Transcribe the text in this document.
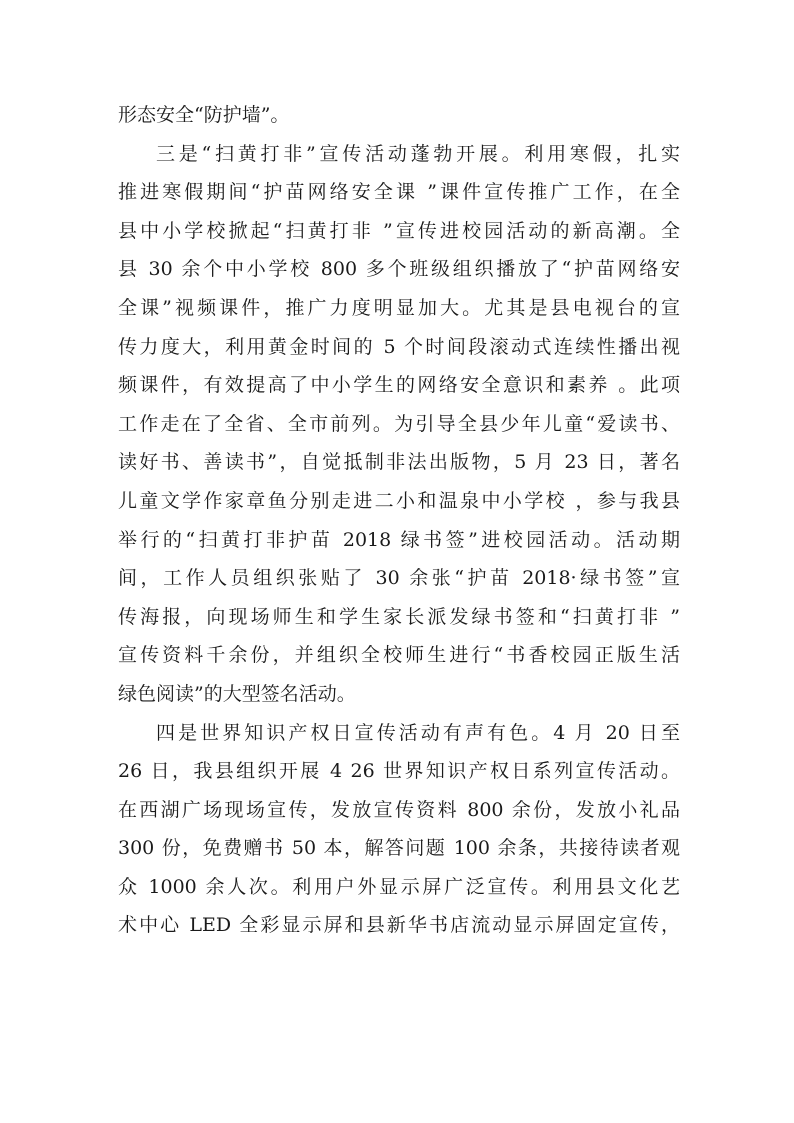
形态安全“防护墙”。
三是“扫黄打非”宣传活动蓬勃开展。利用寒假，扎实
推进寒假期间“护苗网络安全课 ”课件宣传推广工作，在全
县中小学校掀起“扫黄打非 ”宣传进校园活动的新高潮。全
县 30 余个中小学校 800 多个班级组织播放了“护苗网络安
全课”视频课件，推广力度明显加大。尤其是县电视台的宣
传力度大，利用黄金时间的 5 个时间段滚动式连续性播出视
频课件，有效提高了中小学生的网络安全意识和素养 。此项
工作走在了全省、全市前列。为引导全县少年儿童“爱读书、
读好书、善读书”，自觉抵制非法出版物，5 月 23 日，著名
儿童文学作家章鱼分别走进二小和温泉中小学校 ，参与我县
举行的“扫黄打非护苗 2018 绿书签”进校园活动。活动期
间，工作人员组织张贴了 30 余张“护苗 2018·绿书签”宣
传海报，向现场师生和学生家长派发绿书签和“扫黄打非 ”
宣传资料千余份，并组织全校师生进行“书香校园正版生活
绿色阅读”的大型签名活动。
四是世界知识产权日宣传活动有声有色。4 月 20 日至
26 日，我县组织开展 4 26 世界知识产权日系列宣传活动。
在西湖广场现场宣传，发放宣传资料 800 余份，发放小礼品
300 份，免费赠书 50 本，解答问题 100 余条，共接待读者观
众 1000 余人次。利用户外显示屏广泛宣传。利用县文化艺
术中心 LED 全彩显示屏和县新华书店流动显示屏固定宣传，
